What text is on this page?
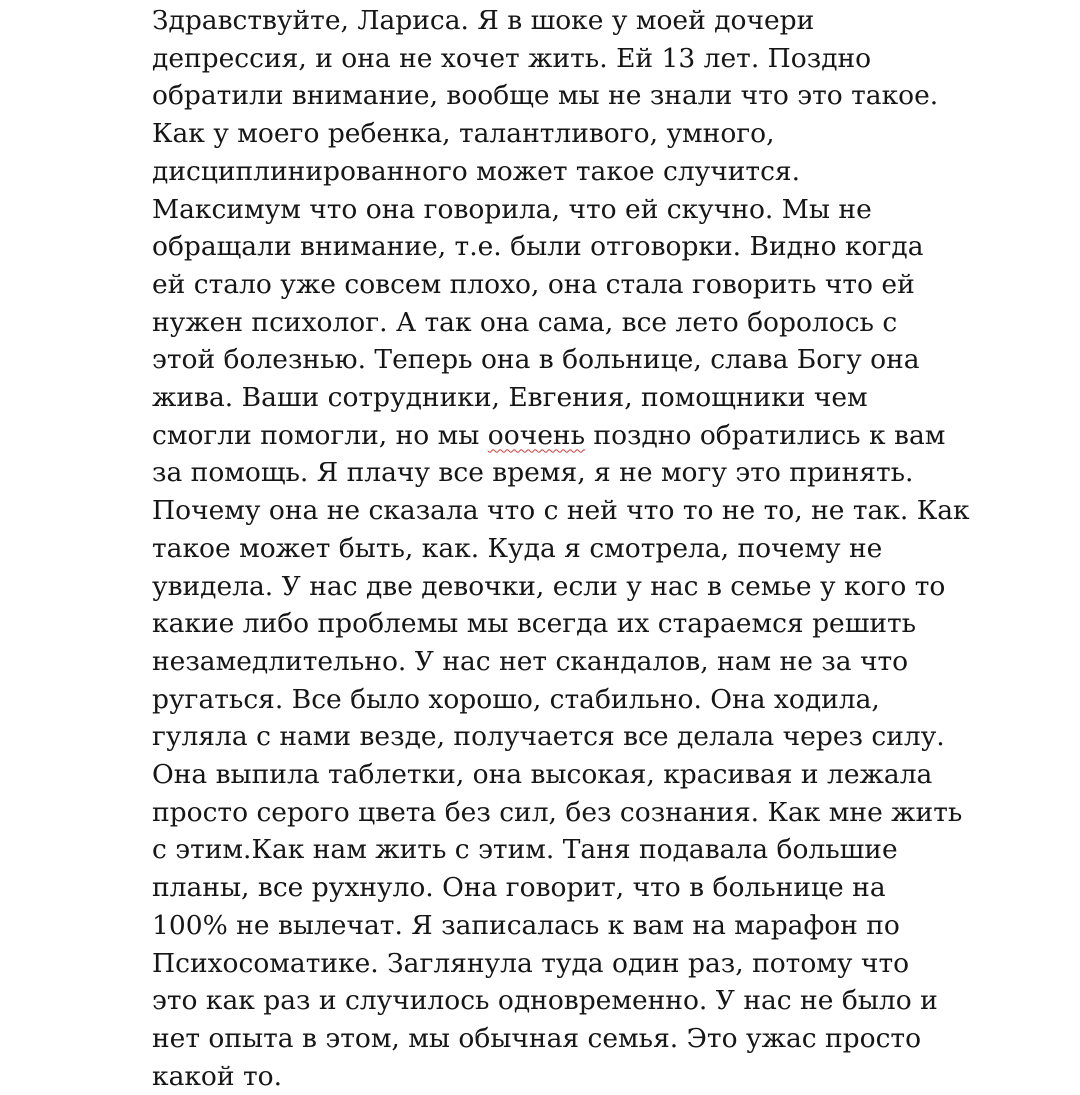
Здравствуйте, Лариса. Я в шоке у моей дочери
депрессия, и она не хочет жить. Ей 13 лет. Поздно
обратили внимание, вообще мы не знали что это такое.
Как у моего ребенка, талантливого, умного,
дисциплинированного может такое случится.
Максимум что она говорила, что ей скучно. Мы не
обращали внимание, т.е. были отговорки. Видно когда
ей стало уже совсем плохо, она стала говорить что ей
нужен психолог. А так она сама, все лето боролось с
этой болезнью. Теперь она в больнице, слава Богу она
жива. Ваши сотрудники, Евгения, помощники чем
смогли помогли, но мы оочень поздно обратились к вам
за помощь. Я плачу все время, я не могу это принять.
Почему она не сказала что с ней что то не то, не так. Как
такое может быть, как. Куда я смотрела, почему не
увидела. У нас две девочки, если у нас в семье у кого то
какие либо проблемы мы всегда их стараемся решить
незамедлительно. У нас нет скандалов, нам не за что
ругаться. Все было хорошо, стабильно. Она ходила,
гуляла с нами везде, получается все делала через силу.
Она выпила таблетки, она высокая, красивая и лежала
просто серого цвета без сил, без сознания. Как мне жить
с этим.Как нам жить с этим. Таня подавала большие
планы, все рухнуло. Она говорит, что в больнице на
100% не вылечат. Я записалась к вам на марафон по
Психосоматике. Заглянула туда один раз, потому что
это как раз и случилось одновременно. У нас не было и
нет опыта в этом, мы обычная семья. Это ужас просто
какой то.
